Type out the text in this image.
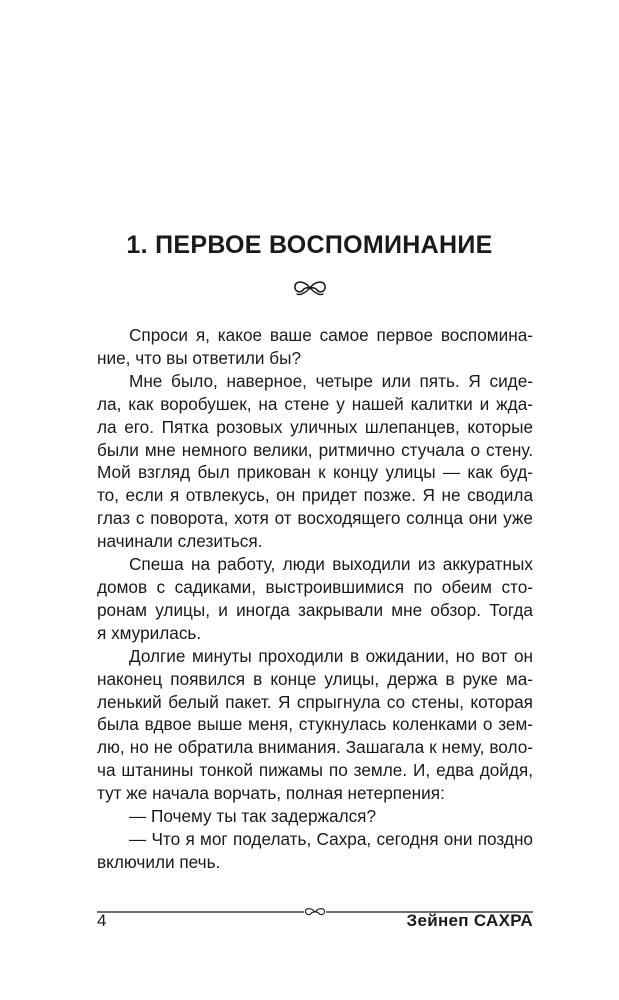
1. ПЕРВОЕ ВОСПОМИНАНИЕ
Спроси я, какое ваше самое первое воспомина-
ние, что вы ответили бы?
Мне было, наверное, четыре или пять. Я сиде-
ла, как воробушек, на стене у нашей калитки и жда-
ла его. Пятка розовых уличных шлепанцев, которые
были мне немного велики, ритмично стучала о стену.
Мой взгляд был прикован к концу улицы — как буд-
то, если я отвлекусь, он придет позже. Я не сводила
глаз с поворота, хотя от восходящего солнца они уже
начинали слезиться.
Спеша на работу, люди выходили из аккуратных
домов с садиками, выстроившимися по обеим сто-
ронам улицы, и иногда закрывали мне обзор. Тогда
я хмурилась.
Долгие минуты проходили в ожидании, но вот он
наконец появился в конце улицы, держа в руке ма-
ленький белый пакет. Я спрыгнула со стены, которая
была вдвое выше меня, стукнулась коленками о зем-
лю, но не обратила внимания. Зашагала к нему, воло-
ча штанины тонкой пижамы по земле. И, едва дойдя,
тут же начала ворчать, полная нетерпения:
— Почему ты так задержался?
— Что я мог поделать, Сахра, сегодня они поздно
включили печь.
4	Зейнеп САХРА
